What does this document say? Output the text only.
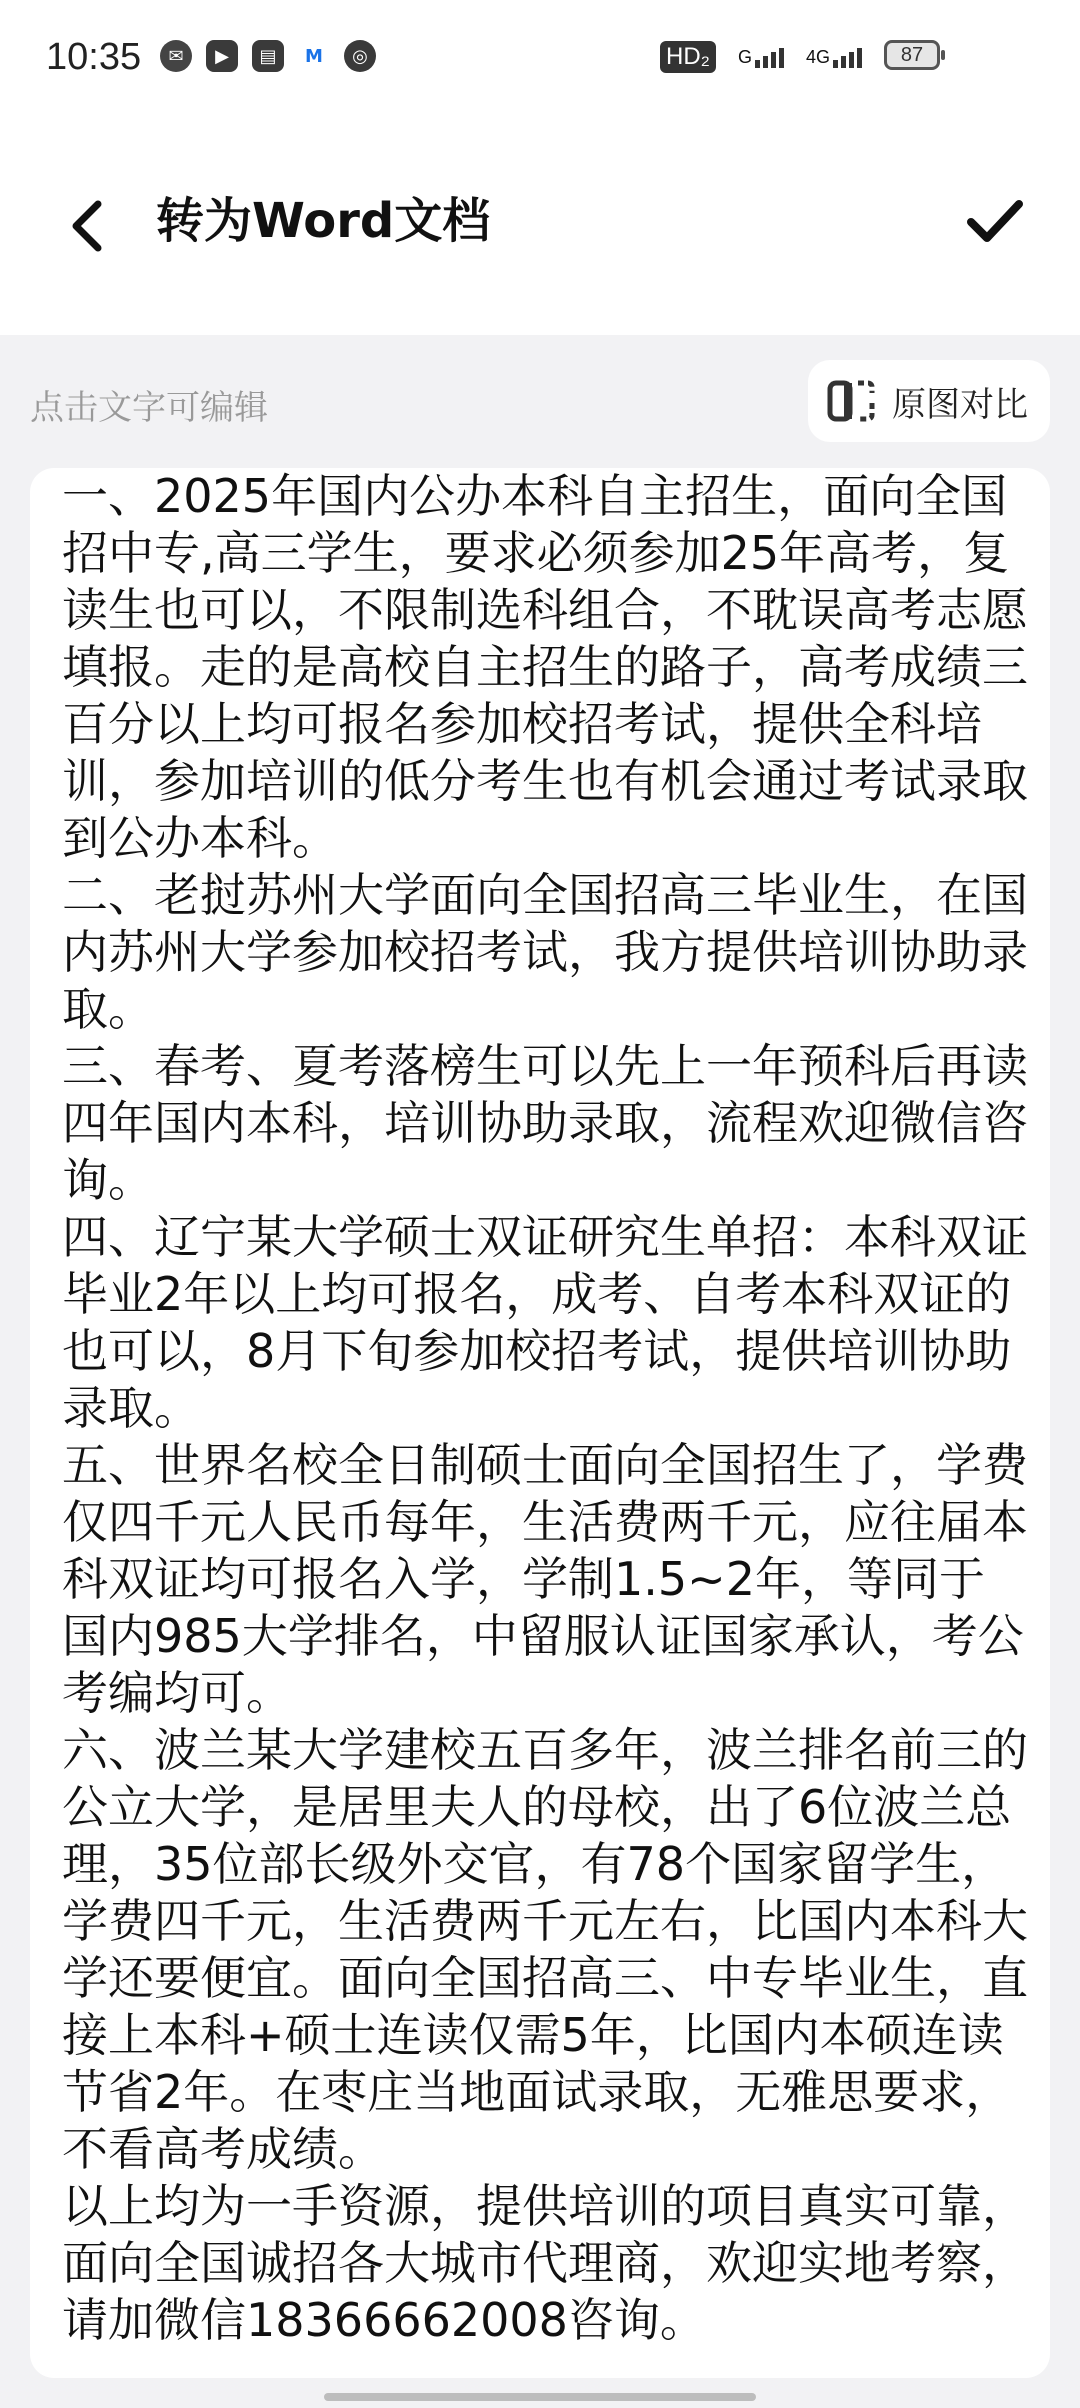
10:35	✉	▶	▤	M	◎	HD₂	G	4G	87
转为Word文档
点击文字可编辑	原图对比
一、2025年国内公办本科自主招生，面向全国招中专,高三学生，要求必须参加25年高考，复读生也可以，不限制选科组合，不耽误高考志愿填报。走的是高校自主招生的路子，高考成绩三百分以上均可报名参加校招考试，提供全科培训，参加培训的低分考生也有机会通过考试录取到公办本科。
二、老挝苏州大学面向全国招高三毕业生，在国内苏州大学参加校招考试，我方提供培训协助录取。
三、春考、夏考落榜生可以先上一年预科后再读四年国内本科，培训协助录取，流程欢迎微信咨询。
四、辽宁某大学硕士双证研究生单招：本科双证毕业2年以上均可报名，成考、自考本科双证的也可以，8月下旬参加校招考试，提供培训协助录取。
五、世界名校全日制硕士面向全国招生了，学费仅四千元人民币每年，生活费两千元，应往届本科双证均可报名入学，学制1.5~2年，等同于国内985大学排名，中留服认证国家承认，考公考编均可。
六、波兰某大学建校五百多年，波兰排名前三的公立大学，是居里夫人的母校，出了6位波兰总理，35位部长级外交官，有78个国家留学生，学费四千元，生活费两千元左右，比国内本科大学还要便宜。面向全国招高三、中专毕业生，直接上本科+硕士连读仅需5年，比国内本硕连读节省2年。在枣庄当地面试录取，无雅思要求，不看高考成绩。
以上均为一手资源，提供培训的项目真实可靠，面向全国诚招各大城市代理商，欢迎实地考察，请加微信18366662008咨询。
